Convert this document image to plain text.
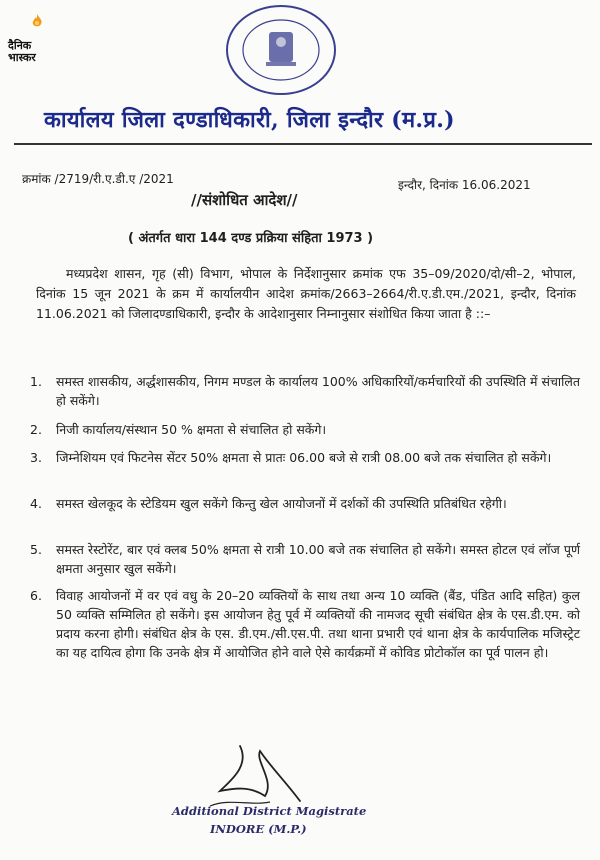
दैनिक
भास्कर
कार्यालय जिला दण्डाधिकारी, जिला इन्दौर (म.प्र.)
क्रमांक /2719/री.ए.डी.ए /2021	इन्दौर, दिनांक 16.06.2021
//संशोधित आदेश//
( अंतर्गत धारा 144 दण्ड प्रक्रिया संहिता 1973 )

मध्यप्रदेश शासन, गृह (सी) विभाग, भोपाल के निर्देशानुसार क्रमांक एफ 35–09/2020/दो/सी–2, भोपाल, दिनांक 15 जून 2021 के क्रम में कार्यालयीन आदेश क्रमांक/2663–2664/री.ए.डी.एम./2021, इन्दौर, दिनांक 11.06.2021 को जिलादण्डाधिकारी, इन्दौर के आदेशानुसार निम्नानुसार संशोधित किया जाता है ::–

1.	समस्त शासकीय, अर्द्धशासकीय, निगम मण्डल के कार्यालय 100% अधिकारियों/कर्मचारियों की उपस्थिति में संचालित हो सकेंगे।
2.	निजी कार्यालय/संस्थान 50 % क्षमता से संचालित हो सकेंगे।
3.	जिम्नेशियम एवं फिटनेस सेंटर 50% क्षमता से प्रातः 06.00 बजे से रात्री 08.00 बजे तक संचालित हो सकेंगे।
4.	समस्त खेलकूद के स्टेडियम खुल सकेंगे किन्तु खेल आयोजनों में दर्शकों की उपस्थिति प्रतिबंधित रहेगी।
5.	समस्त रेस्टोरेंट, बार एवं क्लब 50% क्षमता से रात्री 10.00 बजे तक संचालित हो सकेंगे। समस्त होटल एवं लॉज पूर्ण क्षमता अनुसार खुल सकेंगे।
6.	विवाह आयोजनों में वर एवं वधु के 20–20 व्यक्तियों के साथ तथा अन्य 10 व्यक्ति (बैंड, पंडित आदि सहित) कुल 50 व्यक्ति सम्मिलित हो सकेंगे। इस आयोजन हेतु पूर्व में व्यक्तियों की नामजद सूची संबंधित क्षेत्र के एस.डी.एम. को प्रदाय करना होगी। संबंधित क्षेत्र के एस. डी.एम./सी.एस.पी. तथा थाना प्रभारी एवं थाना क्षेत्र के कार्यपालिक मजिस्ट्रेट का यह दायित्व होगा कि उनके क्षेत्र में आयोजित होने वाले ऐसे कार्यक्रमों में कोविड प्रोटोकॉल का पूर्व पालन हो।
Additional District Magistrate
INDORE (M.P.)
